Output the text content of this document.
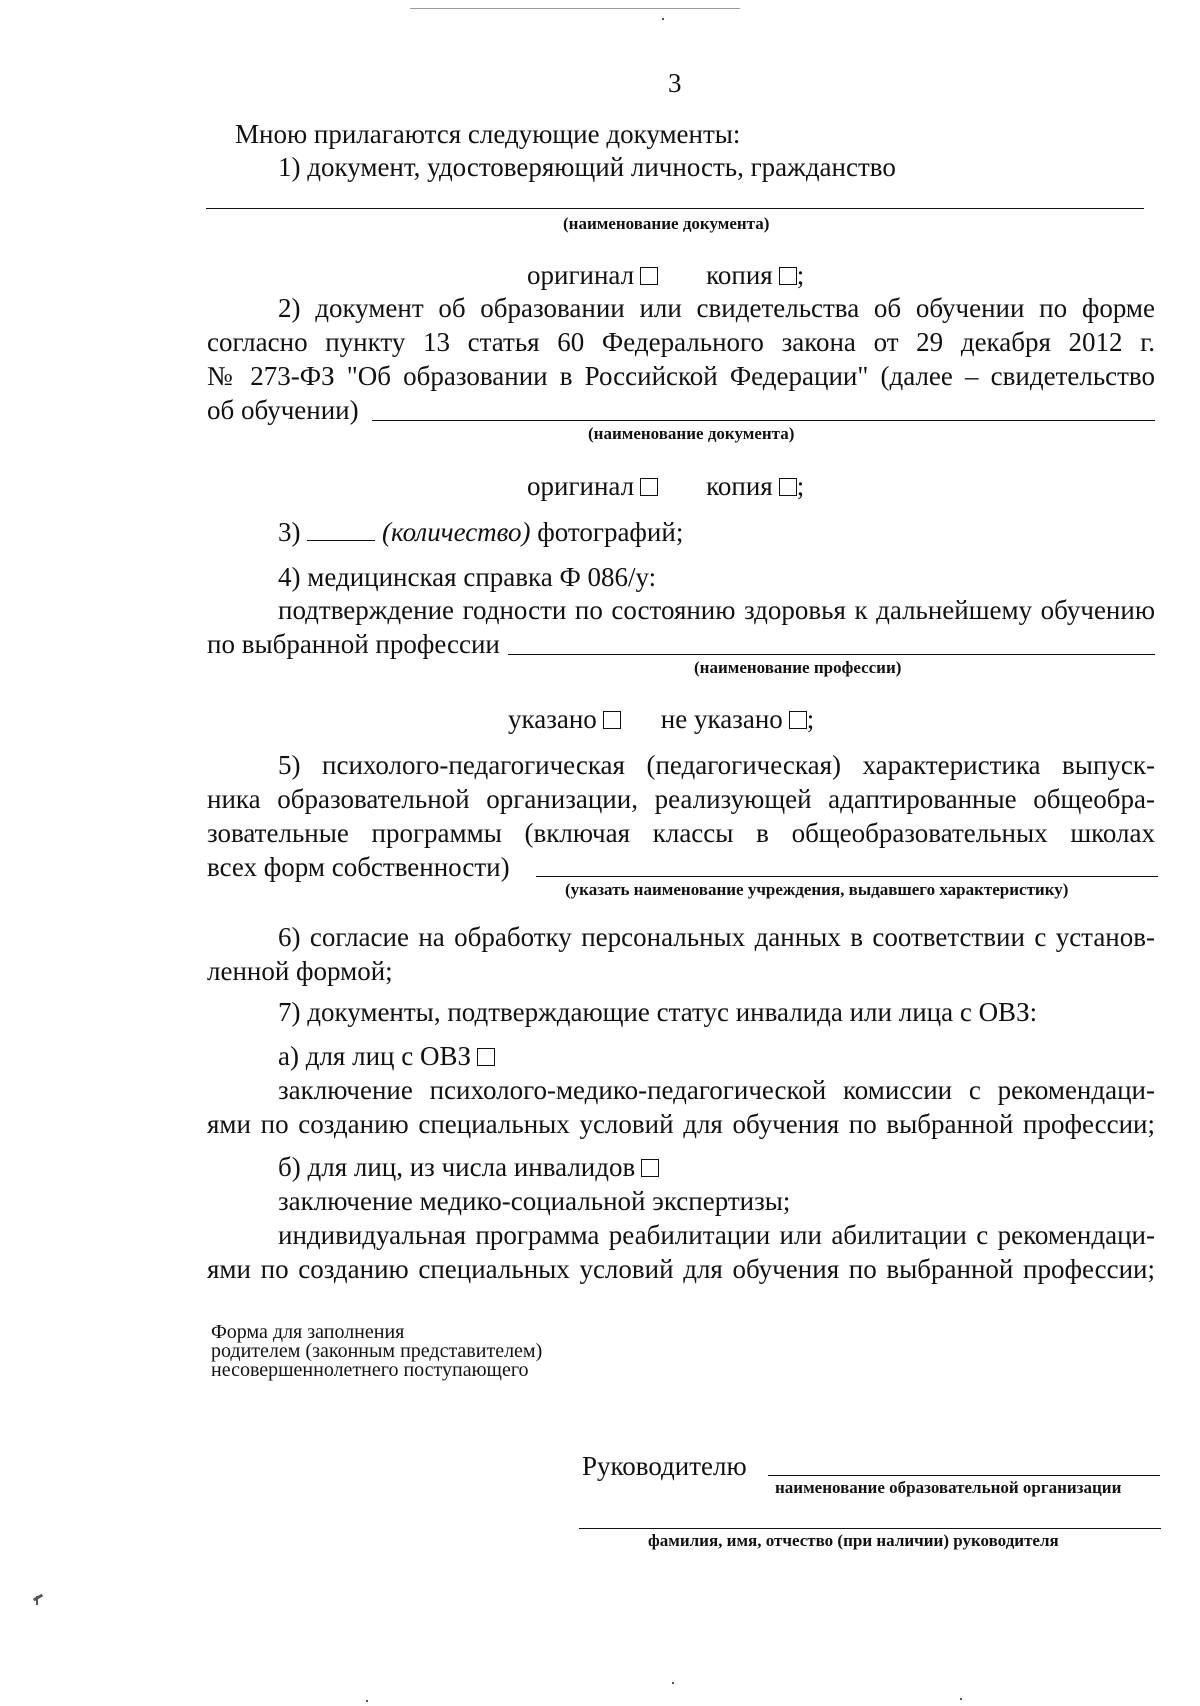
3
Мною прилагаются следующие документы:
1) документ, удостоверяющий личность, гражданство
(наименование документа)
оригинал	копия ;
2) документ об образовании или свидетельства об обучении по форме
согласно пункту 13 статья 60 Федерального закона от 29 декабря 2012 г.
№ 273-ФЗ "Об образовании в Российской Федерации" (далее – свидетельство
об обучении)
(наименование документа)
оригинал	копия ;
3)	(количество) фотографий;
4) медицинская справка Ф 086/у:
подтверждение годности по состоянию здоровья к дальнейшему обучению
по выбранной профессии
(наименование профессии)
указано не указано ;
5) психолого-педагогическая (педагогическая) характеристика выпуск-
ника образовательной организации, реализующей адаптированные общеобра-
зовательные программы (включая классы в общеобразовательных школах
всех форм собственности)
(указать наименование учреждения, выдавшего характеристику)
6) согласие на обработку персональных данных в соответствии с установ-
ленной формой;
7) документы, подтверждающие статус инвалида или лица с ОВЗ:
а) для лиц с ОВЗ
заключение психолого-медико-педагогической комиссии с рекомендаци-
ями по созданию специальных условий для обучения по выбранной профессии;
б) для лиц, из числа инвалидов
заключение медико-социальной экспертизы;
индивидуальная программа реабилитации или абилитации с рекомендаци-
ями по созданию специальных условий для обучения по выбранной профессии;
Форма для заполнения
родителем (законным представителем)
несовершеннолетнего поступающего
Руководителю
наименование образовательной организации
фамилия, имя, отчество (при наличии) руководителя
